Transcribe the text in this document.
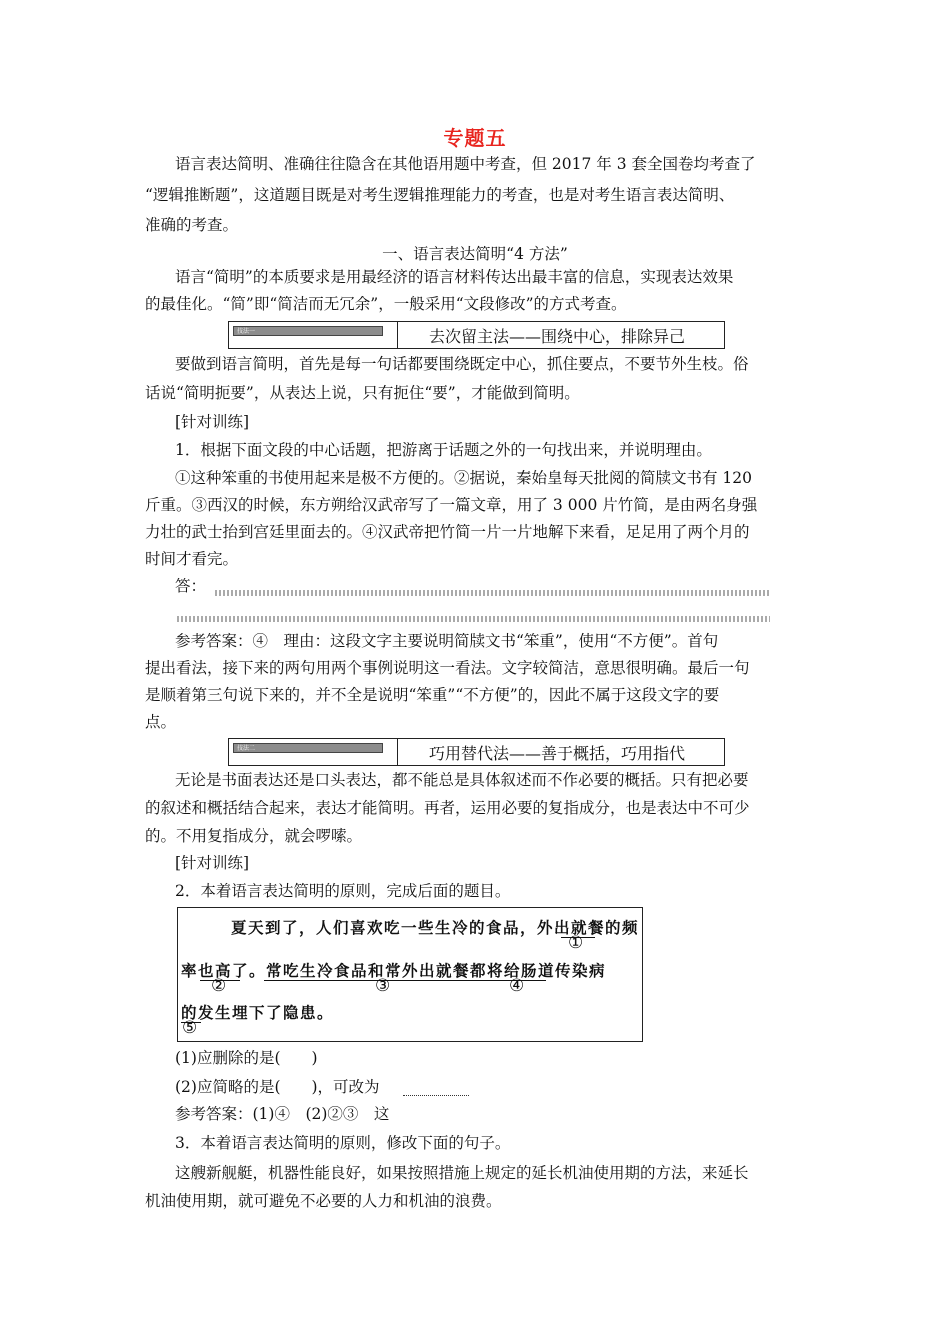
专题五
语言表达简明、准确往往隐含在其他语用题中考查，但 2017 年 3 套全国卷均考查了
“逻辑推断题”，这道题目既是对考生逻辑推理能力的考查，也是对考生语言表达简明、
准确的考查。
一、语言表达简明“4 方法”
语言“简明”的本质要求是用最经济的语言材料传达出最丰富的信息，实现表达效果
的最佳化。“简”即“简洁而无冗余”，一般采用“文段修改”的方式考查。
技法一	去次留主法——围绕中心，排除异己
要做到语言简明，首先是每一句话都要围绕既定中心，抓住要点，不要节外生枝。俗
话说“简明扼要”，从表达上说，只有扼住“要”，才能做到简明。
[针对训练]
1．根据下面文段的中心话题，把游离于话题之外的一句找出来，并说明理由。
①这种笨重的书使用起来是极不方便的。②据说，秦始皇每天批阅的简牍文书有 120
斤重。③西汉的时候，东方朔给汉武帝写了一篇文章，用了 3 000 片竹简，是由两名身强
力壮的武士抬到宫廷里面去的。④汉武帝把竹简一片一片地解下来看，足足用了两个月的
时间才看完。
答：
参考答案：④　理由：这段文字主要说明简牍文书“笨重”，使用“不方便”。首句
提出看法，接下来的两句用两个事例说明这一看法。文字较简洁，意思很明确。最后一句
是顺着第三句说下来的，并不全是说明“笨重”“不方便”的，因此不属于这段文字的要
点。
技法二	巧用替代法——善于概括，巧用指代
无论是书面表达还是口头表达，都不能总是具体叙述而不作必要的概括。只有把必要
的叙述和概括结合起来，表达才能简明。再者，运用必要的复指成分，也是表达中不可少
的。不用复指成分，就会啰嗦。
[针对训练]
2．本着语言表达简明的原则，完成后面的题目。
夏天到了，人们喜欢吃一些生冷的食品，外出就餐的频
①
率也高了。常吃生冷食品和常外出就餐都将给肠道传染病
②	③	④
的发生埋下了隐患。
⑤
(1)应删除的是(　　)
(2)应简略的是(　　)，可改为
参考答案：(1)④　(2)②③　这
3．本着语言表达简明的原则，修改下面的句子。
这艘新舰艇，机器性能良好，如果按照措施上规定的延长机油使用期的方法，来延长
机油使用期，就可避免不必要的人力和机油的浪费。
